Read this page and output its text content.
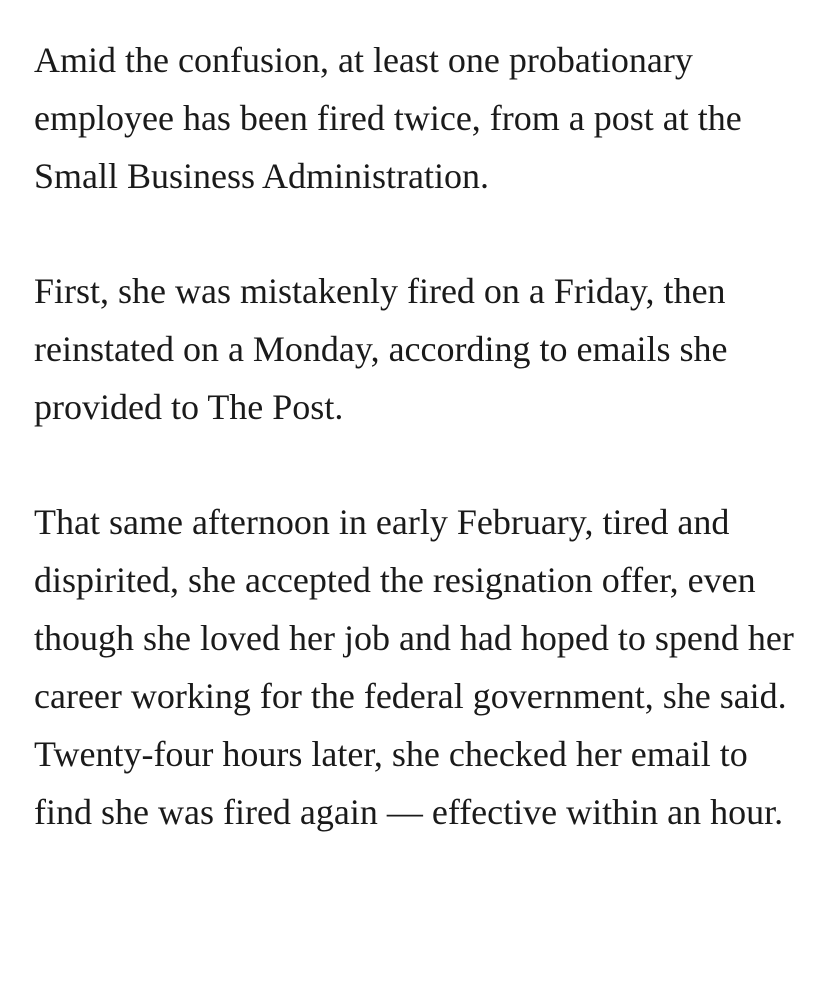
Amid the confusion, at least one probationary employee has been fired twice, from a post at the Small Business Administration.

First, she was mistakenly fired on a Friday, then reinstated on a Monday, according to emails she provided to The Post.

That same afternoon in early February, tired and dispirited, she accepted the resignation offer, even though she loved her job and had hoped to spend her career working for the federal government, she said. Twenty-four hours later, she checked her email to find she was fired again — effective within an hour.
